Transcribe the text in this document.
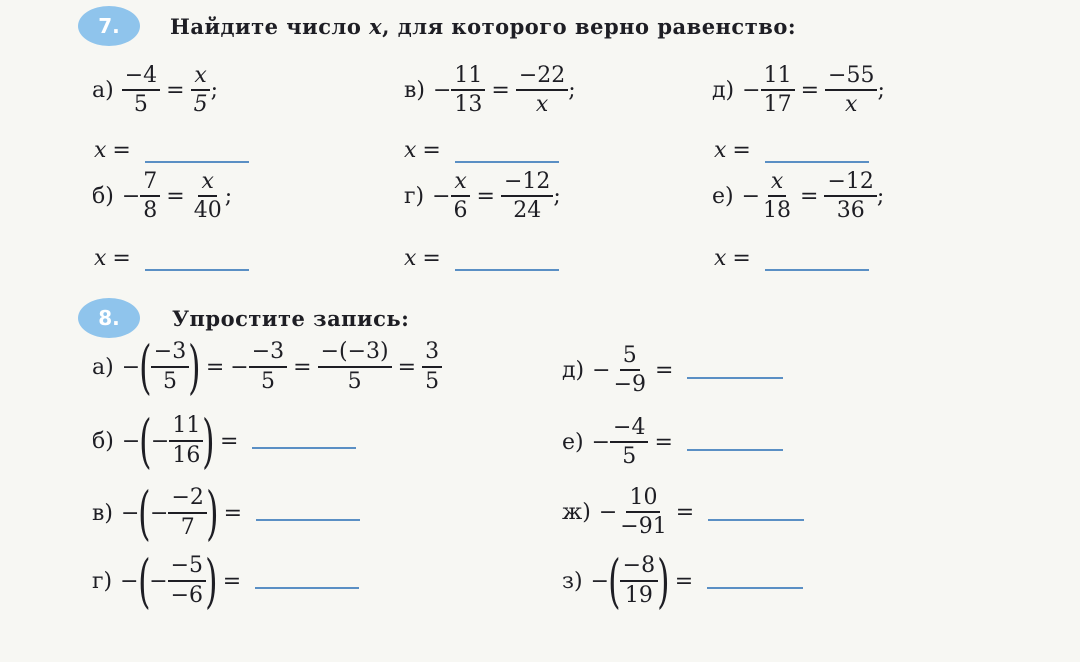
7.	Найдите число x, для которого верно равенство:
$а) \frac{-4}{5} = \frac{x}{5}$ ;
$б) - \frac{7}{8} = \frac{x}{40}$ ;
$в) - \frac{11}{13} = \frac{-22}{x}$ ;
$г) - \frac{x}{6} = \frac{-12}{24}$ ;
$д) - \frac{11}{17} = \frac{-55}{x}$ ;
$е) - \frac{x}{18} = \frac{-12}{36}$ ;
x =	x =	x =
x =	x =	x =
8.	Упростите запись:
а) − ( $\frac{-3}{5}$ ) = − $\frac{-3}{5} = \frac{-(-3)}{5} = \frac{3}{5}$
б) − ( − $\frac{11}{16}$ ) =
в) − ( − $\frac{-2}{7}$ ) =
г) − ( − $\frac{-5}{-6}$ ) =
$д) - \frac{5}{-9}$ =
$е) - \frac{-4}{5}$ =
$ж) - \frac{10}{-91}$ =
з) − ( $\frac{-8}{19}$ ) =
